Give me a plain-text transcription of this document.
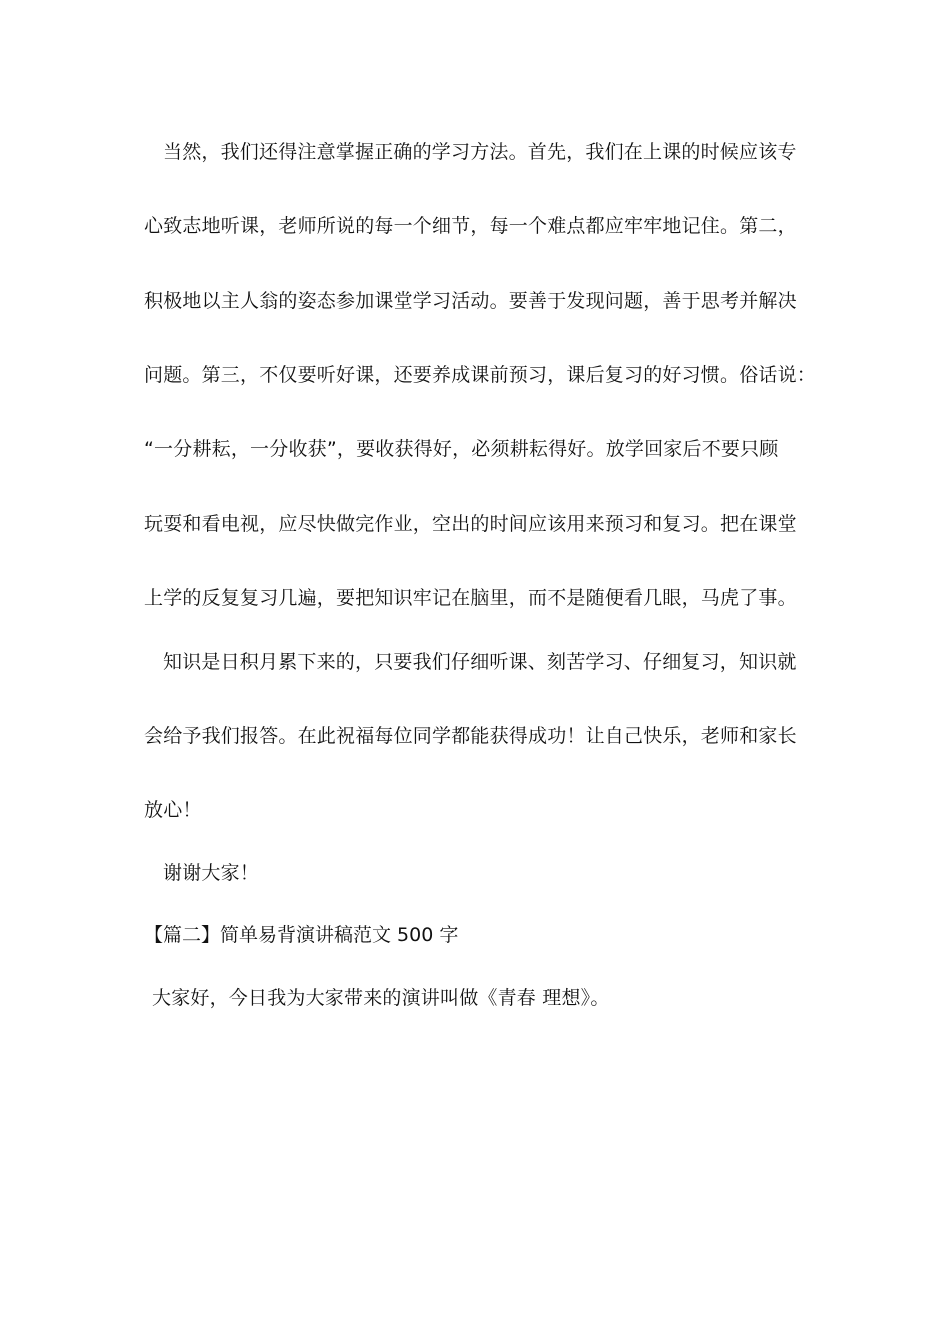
当然，我们还得注意掌握正确的学习方法。首先，我们在上课的时候应该专
心致志地听课，老师所说的每一个细节，每一个难点都应牢牢地记住。第二，
积极地以主人翁的姿态参加课堂学习活动。要善于发现问题，善于思考并解决
问题。第三，不仅要听好课，还要养成课前预习，课后复习的好习惯。俗话说：
“一分耕耘，一分收获”，要收获得好，必须耕耘得好。放学回家后不要只顾
玩耍和看电视，应尽快做完作业，空出的时间应该用来预习和复习。把在课堂
上学的反复复习几遍，要把知识牢记在脑里，而不是随便看几眼，马虎了事。
知识是日积月累下来的，只要我们仔细听课、刻苦学习、仔细复习，知识就
会给予我们报答。在此祝福每位同学都能获得成功！让自己快乐，老师和家长
放心！
谢谢大家！
【篇二】简单易背演讲稿范文 500 字
大家好，今日我为大家带来的演讲叫做《青春 理想》。
